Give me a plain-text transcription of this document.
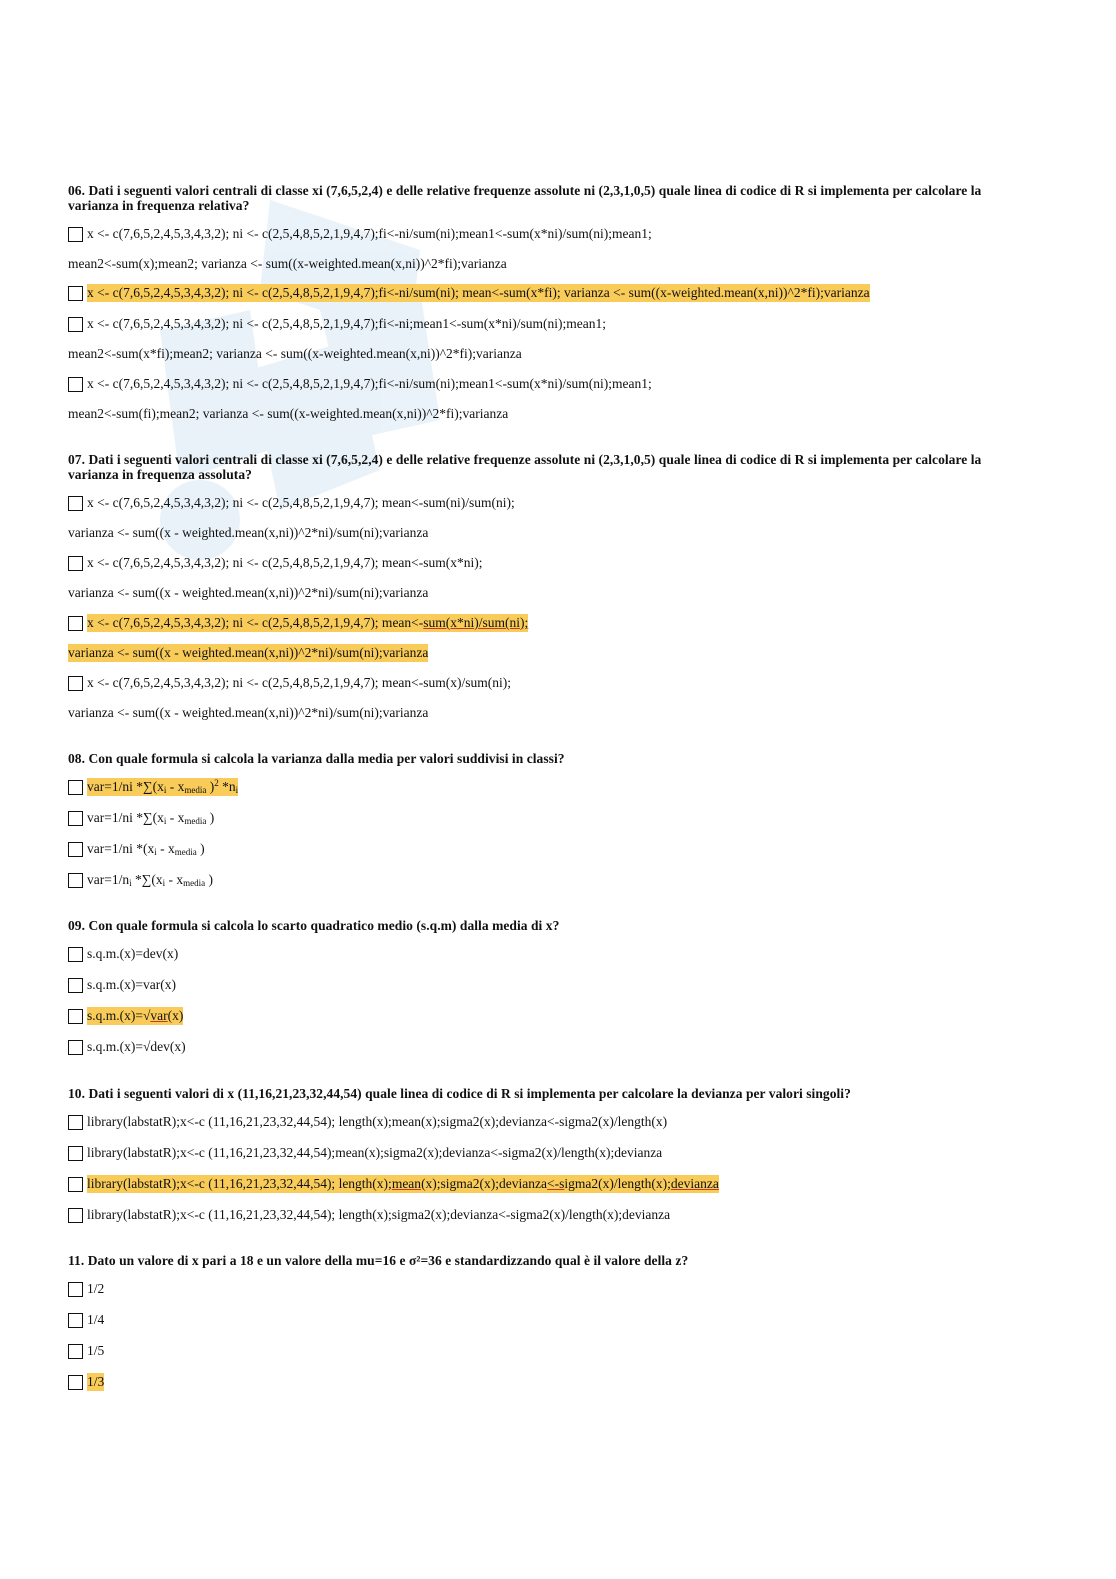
06. Dati i seguenti valori centrali di classe xi (7,6,5,2,4) e delle relative frequenze assolute ni (2,3,1,0,5) quale linea di codice di R si implementa per calcolare la varianza in frequenza relativa?

x <- c(7,6,5,2,4,5,3,4,3,2); ni <- c(2,5,4,8,5,2,1,9,4,7);fi<-ni/sum(ni);mean1<-sum(x*ni)/sum(ni);mean1;
mean2<-sum(x);mean2; varianza <- sum((x-weighted.mean(x,ni))^2*fi);varianza
x <- c(7,6,5,2,4,5,3,4,3,2); ni <- c(2,5,4,8,5,2,1,9,4,7);fi<-ni/sum(ni); mean<-sum(x*fi); varianza <- sum((x-weighted.mean(x,ni))^2*fi);varianza
x <- c(7,6,5,2,4,5,3,4,3,2); ni <- c(2,5,4,8,5,2,1,9,4,7);fi<-ni;mean1<-sum(x*ni)/sum(ni);mean1;
mean2<-sum(x*fi);mean2; varianza <- sum((x-weighted.mean(x,ni))^2*fi);varianza
x <- c(7,6,5,2,4,5,3,4,3,2); ni <- c(2,5,4,8,5,2,1,9,4,7);fi<-ni/sum(ni);mean1<-sum(x*ni)/sum(ni);mean1;
mean2<-sum(fi);mean2; varianza <- sum((x-weighted.mean(x,ni))^2*fi);varianza

07. Dati i seguenti valori centrali di classe xi (7,6,5,2,4) e delle relative frequenze assolute ni (2,3,1,0,5) quale linea di codice di R si implementa per calcolare la varianza in frequenza assoluta?

x <- c(7,6,5,2,4,5,3,4,3,2); ni <- c(2,5,4,8,5,2,1,9,4,7); mean<-sum(ni)/sum(ni);
varianza <- sum((x - weighted.mean(x,ni))^2*ni)/sum(ni);varianza
x <- c(7,6,5,2,4,5,3,4,3,2); ni <- c(2,5,4,8,5,2,1,9,4,7); mean<-sum(x*ni);
varianza <- sum((x - weighted.mean(x,ni))^2*ni)/sum(ni);varianza
x <- c(7,6,5,2,4,5,3,4,3,2); ni <- c(2,5,4,8,5,2,1,9,4,7); mean<-sum(x*ni)/sum(ni);
varianza <- sum((x - weighted.mean(x,ni))^2*ni)/sum(ni);varianza
x <- c(7,6,5,2,4,5,3,4,3,2); ni <- c(2,5,4,8,5,2,1,9,4,7); mean<-sum(x)/sum(ni);
varianza <- sum((x - weighted.mean(x,ni))^2*ni)/sum(ni);varianza

08. Con quale formula si calcola la varianza dalla media per valori suddivisi in classi?

var=1/ni $*\sum(x_i - x_{media}$ )$^2$ $*n_i$
var=1/ni $*\sum(x_i - x_{media}$ )
var=1/ni $*(x_i - x_{media}$ )
$var=1/n_i$ $*\sum(x_i - x_{media}$ )

09. Con quale formula si calcola lo scarto quadratico medio (s.q.m) dalla media di x?

s.q.m.(x)=dev(x)
s.q.m.(x)=var(x)
s.q.m.(x)=√var(x)
s.q.m.(x)=√dev(x)

10. Dati i seguenti valori di x (11,16,21,23,32,44,54) quale linea di codice di R si implementa per calcolare la devianza per valori singoli?

library(labstatR);x<-c (11,16,21,23,32,44,54); length(x);mean(x);sigma2(x);devianza<-sigma2(x)/length(x)
library(labstatR);x<-c (11,16,21,23,32,44,54);mean(x);sigma2(x);devianza<-sigma2(x)/length(x);devianza
library(labstatR);x<-c (11,16,21,23,32,44,54); length(x);mean(x);sigma2(x);devianza<-sigma2(x)/length(x);devianza
library(labstatR);x<-c (11,16,21,23,32,44,54); length(x);sigma2(x);devianza<-sigma2(x)/length(x);devianza

11. Dato un valore di x pari a 18 e un valore della mu=16 e σ²=36 e standardizzando qual è il valore della z?

1/2
1/4
1/5
1/3
